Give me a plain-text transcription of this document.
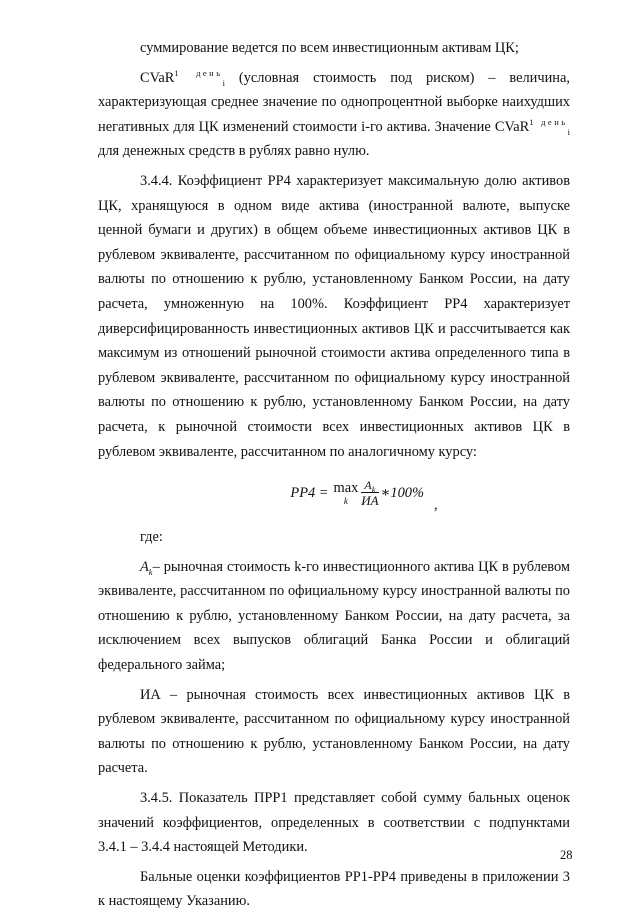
суммирование ведется по всем инвестиционным активам ЦК;

CVaR$^{1 день}_i$ (условная стоимость под риском) – величина, характеризующая среднее значение по однопроцентной выборке наихудших негативных для ЦК изменений стоимости i-го актива. Значение CVaR$^{1 день}_i$ для денежных средств в рублях равно нулю.

3.4.4. Коэффициент РР4 характеризует максимальную долю активов ЦК, хранящуюся в одном виде актива (иностранной валюте, выпуске ценной бумаги и других) в общем объеме инвестиционных активов ЦК в рублевом эквиваленте, рассчитанном по официальному курсу иностранной валюты по отношению к рублю, установленному Банком России, на дату расчета, умноженную на 100%. Коэффициент РР4 характеризует диверсифицированность инвестиционных активов ЦК и рассчитывается как максимум из отношений рыночной стоимости актива определенного типа в рублевом эквиваленте, рассчитанном по официальному курсу иностранной валюты по отношению к рублю, установленному Банком России, на дату расчета, к рыночной стоимости всех инвестиционных активов ЦК в рублевом эквиваленте, рассчитанном по аналогичному курсу:

РР4 = max
k $\frac{A_k}{ИА}$ ∗100%
,

где:

$A_k-$ рыночная стоимость k-го инвестиционного актива ЦК в рублевом эквиваленте, рассчитанном по официальному курсу иностранной валюты по отношению к рублю, установленному Банком России, на дату расчета, за исключением всех выпусков облигаций Банка России и облигаций федерального займа;

ИА – рыночная стоимость всех инвестиционных активов ЦК в рублевом эквиваленте, рассчитанном по официальному курсу иностранной валюты по отношению к рублю, установленному Банком России, на дату расчета.

3.4.5. Показатель ПРР1 представляет собой сумму бальных оценок значений коэффициентов, определенных в соответствии с подпунктами 3.4.1 – 3.4.4 настоящей Методики.

Бальные оценки коэффициентов РР1-РР4 приведены в приложении 3 к настоящему Указанию.

28
